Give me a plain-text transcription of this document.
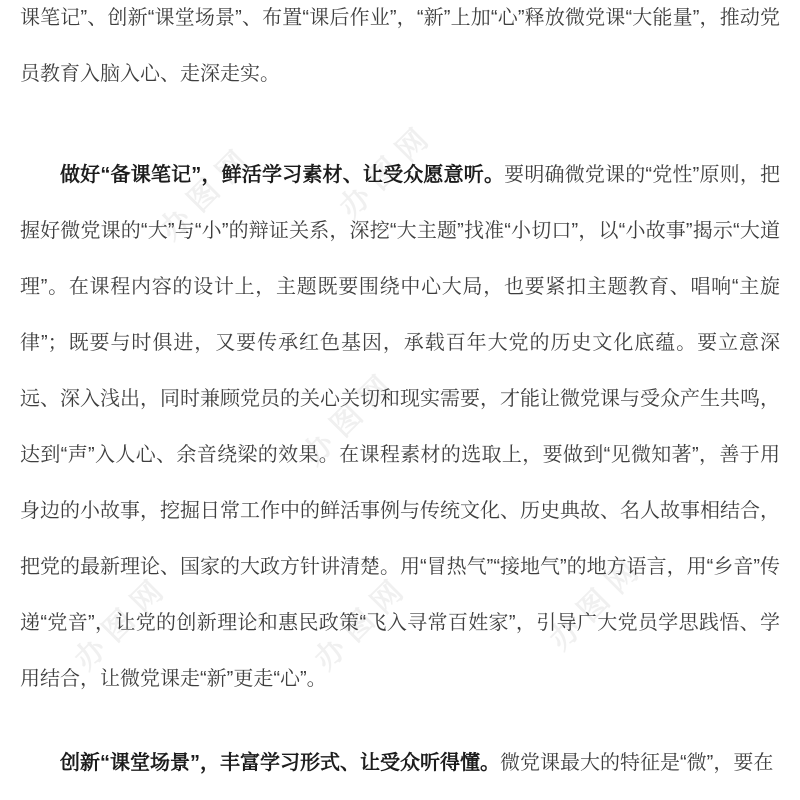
办图网 办图网
办图网
办图网	办图网	办图网

课笔记”、创新“课堂场景”、布置“课后作业”，“新”上加“心”释放微党课“大能量”，推动党员教育入脑入心、走深走实。

做好“备课笔记”，鲜活学习素材、让受众愿意听。要明确微党课的“党性”原则，把握好微党课的“大”与“小”的辩证关系，深挖“大主题”找准“小切口”，以“小故事”揭示“大道理”。在课程内容的设计上，主题既要围绕中心大局，也要紧扣主题教育、唱响“主旋律”；既要与时俱进，又要传承红色基因，承载百年大党的历史文化底蕴。要立意深远、深入浅出，同时兼顾党员的关心关切和现实需要，才能让微党课与受众产生共鸣，达到“声”入人心、余音绕梁的效果。在课程素材的选取上，要做到“见微知著”，善于用身边的小故事，挖掘日常工作中的鲜活事例与传统文化、历史典故、名人故事相结合，把党的最新理论、国家的大政方针讲清楚。用“冒热气”“接地气”的地方语言，用“乡音”传递“党音”，让党的创新理论和惠民政策“飞入寻常百姓家”，引导广大党员学思践悟、学用结合，让微党课走“新”更走“心”。

创新“课堂场景”，丰富学习形式、让受众听得懂。微党课最大的特征是“微”，要在
